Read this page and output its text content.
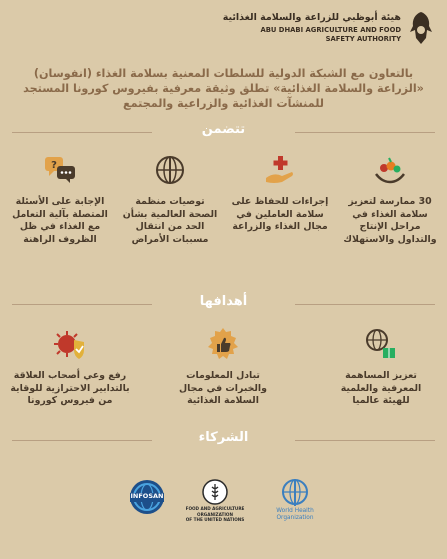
هيئة أبوظبي للزراعة والسلامة الغذائية
ABU DHABI AGRICULTURE AND FOOD
SAFETY AUTHORITY
بالتعاون مع الشبكة الدولية للسلطات المعنية بسلامة الغذاء (انفوسان)
«الزراعة والسلامة الغذائية» تطلق وثيقة معرفية بفيروس كورونا المستجد
للمنشآت الغذائية والزراعية والمجتمع
تتضمن
30 ممارسة لتعزيز سلامة الغذاء في مراحل الإنتاج والتداول والاستهلاك
إجراءات للحفاظ على سلامة العاملين في مجال الغذاء والزراعة
توصيات منظمة الصحة العالمية بشأن الحد من انتقال مسببات الأمراض
?
الإجابة على الأسئلة المتصلة بآلية التعامل مع الغذاء في ظل الظروف الراهنة
أهدافها
تعزيز المساهمة المعرفية والعلمية للهيئة عالميا
تبادل المعلومات والخبرات في مجال السلامة الغذائية
رفع وعي أصحاب العلاقة بالتدابير الاحترازية للوقاية من فيروس كورونا
الشركاء
World Health
Organization
FOOD AND AGRICULTURE
ORGANIZATION
OF THE UNITED NATIONS
INFOSAN
